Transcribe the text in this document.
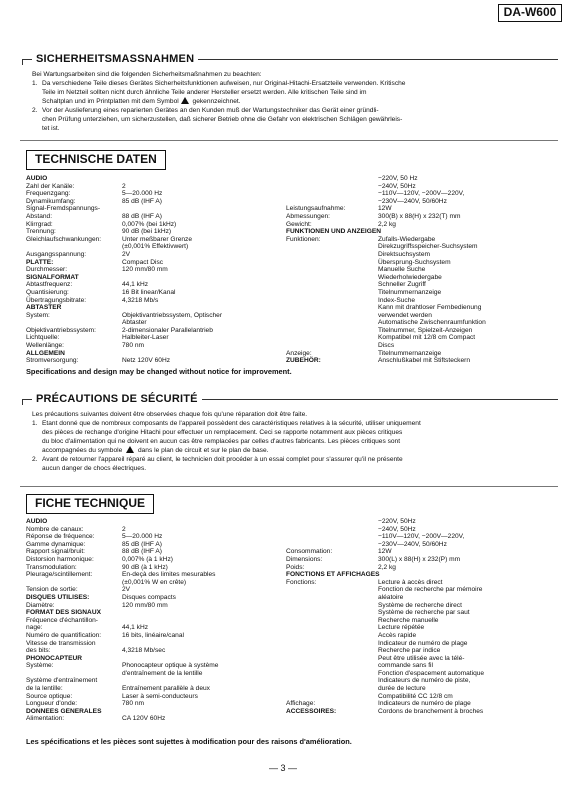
DA-W600
SICHERHEITSMASSNAHMEN

Bei Wartungsarbeiten sind die folgenden Sicherheitsmaßnahmen zu beachten:

1. Da verschiedene Teile dieses Gerätes Sicherheitsfunktionen aufweisen, nur Original-Hitachi-Ersatzteile verwenden. Kritische
Teile im Netzteil sollten nicht durch ähnliche Teile anderer Hersteller ersetzt werden. Alle kritischen Teile sind im
Schaltplan und im Printplatten mit dem Symbol gekennzeichnet.
2. Vor der Auslieferung eines reparierten Gerätes an den Kunden muß der Wartungstechniker das Gerät einer gründli-
chen Prüfung unterziehen, um sicherzustellen, daß sicherer Betrieb ohne die Gefahr von elektrischen Schlägen gewährleis-
tet ist.
TECHNISCHE DATEN
AUDIO
Zahl der Kanäle:	2
Frequenzgang:	5—20.000 Hz
Dynamikumfang:	85 dB (IHF A)
Signal-Fremdspannungs-
Abstand:	88 dB (IHF A)
Klirrgrad:	0,007% (bei 1kHz)
Trennung:	90 dB (bei 1kHz)
Gleichlaufschwankungen:	Unter meßbarer Grenze
(±0,001% Effektivwert)
Ausgangsspannung:	2V
PLATTE:	Compact Disc
Durchmesser:	120 mm/80 mm
SIGNALFORMAT
Abtastfrequenz:	44,1 kHz
Quantisierung:	16 Bit linear/Kanal
Übertragungsbitrate:	4,3218 Mb/s
ABTASTER
System:	Objektivantriebssystem, Optischer
Abtaster
Objektivantriebssystem:	2-dimensionaler Parallelantrieb
Lichtquelle:	Halbleiter-Laser
Wellenlänge:	780 nm
ALLGEMEIN
Stromversorgung:	Netz 120V 60Hz
−220V, 50 Hz
−240V, 50Hz
−110V—120V, −200V—220V,
−230V—240V, 50/60Hz
Leistungsaufnahme:	12W
Abmessungen:	300(B) x 88(H) x 232(T) mm
Gewicht:	2,2 kg
FUNKTIONEN UND ANZEIGEN
Funktionen:	Zufalls-Wiedergabe
Direkzugriffsspeicher-Suchsystem
Direktsuchsystem
Übersprung-Suchsystem
Manuelle Suche
Wiederholwiedergabe
Schneller Zugriff
Titelnummernanzeige
Index-Suche
Kann mit drahtloser Fernbedienung
verwendet werden
Automatische Zwischenraumfunktion
Titelnummer, Spielzeit-Anzeigen
Kompatibel mit 12/8 cm Compact
Discs
Anzeige:	Titelnummernanzeige
ZUBEHÖR:	Anschlußkabel mit Stiftsteckern
Specifications and design may be changed without notice for improvement.
PRÉCAUTIONS DE SÉCURITÉ

Les précautions suivantes doivent être observées chaque fois qu'une réparation doit être faite.

1. Etant donné que de nombreux composants de l'appareil possèdent des caractéristiques relatives à la sécurité, utiliser uniquement
des pièces de rechange d'origine Hitachi pour effectuer un remplacement. Ceci se rapporte notamment aux pièces critiques
du bloc d'alimentation qui ne doivent en aucun cas être remplacées par celles d'autres fabricants. Les pièces critiques sont
accompagnées du symbole dans le plan de circuit et sur le plan de base.
2. Avant de retourner l'appareil réparé au client, le technicien doit procéder à un essai complet pour s'assurer qu'il ne présente
aucun danger de chocs électriques.
FICHE TECHNIQUE
AUDIO
Nombre de canaux:	2
Réponse de fréquence:	5—20.000 Hz
Gamme dynamique:	85 dB (IHF A)
Rapport signal/bruit:	88 dB (IHF A)
Distorsion harmonique:	0,007% (à 1 kHz)
Transmodulation:	90 dB (à 1 kHz)
Pleurage/scintillement:	En-deçà des limites mesurables
(±0,001% W en crête)
Tension de sortie:	2V
DISQUES UTILISES:	Disques compacts
Diamètre:	120 mm/80 mm
FORMAT DES SIGNAUX
Fréquence d'échantillon-
nage:	44,1 kHz
Numéro de quantification:	16 bits, linéaire/canal
Vitesse de transmission
des bits:	4,3218 Mb/sec
PHONOCAPTEUR
Système:	Phonocapteur optique à système
d'entraînement de la lentille
Système d'entraînement
de la lentille:	Entraînement parallèle à deux
Source optique:	Laser à semi-conducteurs
Longueur d'onde:	780 nm
DONNEES GENERALES
Alimentation:	CA 120V 60Hz
−220V, 50Hz
−240V, 50Hz
−110V—120V, −200V—220V,
−230V—240V, 50/60Hz
Consommation:	12W
Dimensions:	300(L) x 88(H) x 232(P) mm
Poids:	2,2 kg
FONCTIONS ET AFFICHAGES
Fonctions:	Lecture à accès direct
Fonction de recherche par mémoire
aléatoire
Système de recherche direct
Système de recherche par saut
Recherche manuelle
Lecture répétée
Accès rapide
Indicateur de numéro de plage
Recherche par indice
Peut être utilisée avec la télé-
commande sans fil
Fonction d'espacement automatique
Indicateurs de numéro de piste,
durée de lecture
Compatibilité CC 12/8 cm
Affichage:	Indicateurs de numéro de plage
ACCESSOIRES:	Cordons de branchement à broches
Les spécifications et les pièces sont sujettes à modification pour des raisons d'amélioration.
— 3 —
